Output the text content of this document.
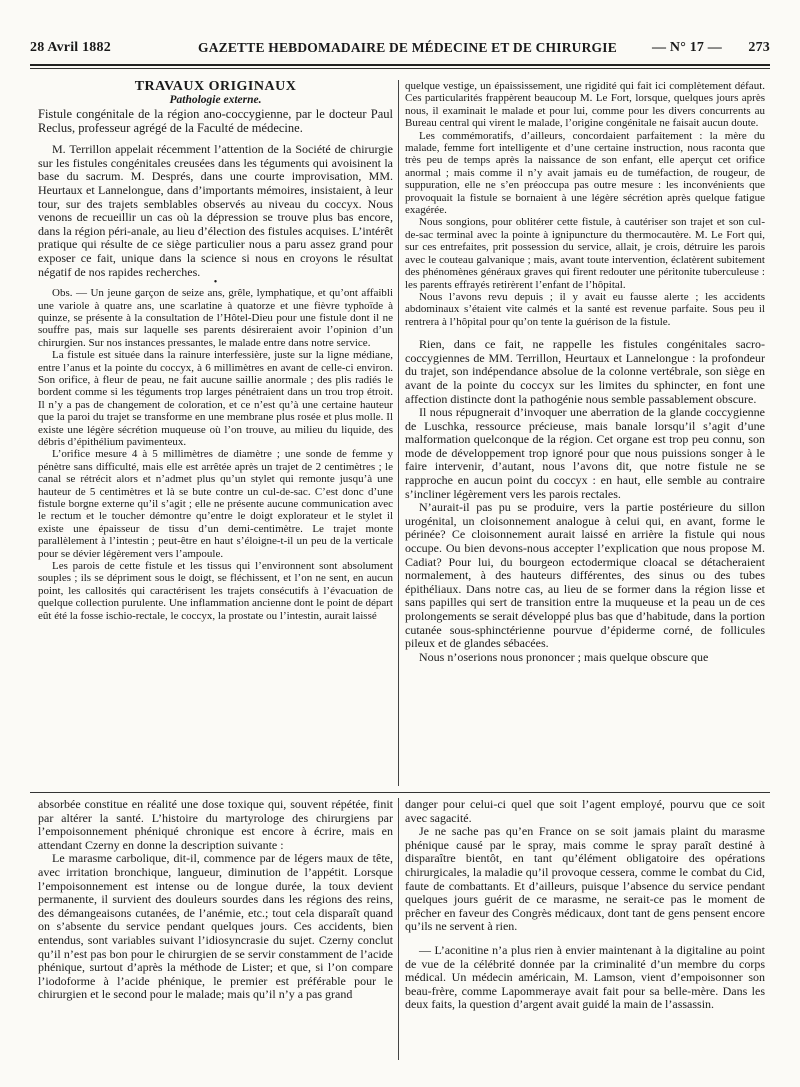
28 Avril 1882	GAZETTE HEBDOMADAIRE DE MÉDECINE ET DE CHIRURGIE	— N° 17 — 273

TRAVAUX ORIGINAUX

Pathologie externe.

Fistule congénitale de la région ano-coccygienne, par le docteur Paul Reclus, professeur agrégé de la Faculté de médecine.

M. Terrillon appelait récemment l’attention de la Société de chirurgie sur les fistules congénitales creusées dans les téguments qui avoisinent la base du sacrum. M. Després, dans une courte improvisation, MM. Heurtaux et Lannelongue, dans d’importants mémoires, insistaient, à leur tour, sur des trajets semblables observés au niveau du coccyx. Nous venons de recueillir un cas où la dépression se trouve plus bas encore, dans la région péri-anale, au lieu d’élection des fistules acquises. L’intérêt pratique qui résulte de ce siège particulier nous a paru assez grand pour exposer ce fait, unique dans la science si nous en croyons le résultat négatif de nos rapides recherches.

•

Obs. — Un jeune garçon de seize ans, grêle, lymphatique, et qu’ont affaibli une variole à quatre ans, une scarlatine à quatorze et une fièvre typhoïde à quinze, se présente à la consultation de l’Hôtel-Dieu pour une fistule dont il ne souffre pas, mais sur laquelle ses parents désireraient avoir l’opinion d’un chirurgien. Sur nos instances pressantes, le malade entre dans notre service.

La fistule est située dans la rainure interfessière, juste sur la ligne médiane, entre l’anus et la pointe du coccyx, à 6 millimètres en avant de celle-ci environ. Son orifice, à fleur de peau, ne fait aucune saillie anormale ; des plis radiés le bordent comme si les téguments trop larges pénétraient dans un trou trop étroit. Il n’y a pas de changement de coloration, et ce n’est qu’à une certaine hauteur que la paroi du trajet se transforme en une membrane plus rosée et plus molle. Il existe une légère sécrétion muqueuse où l’on trouve, au milieu du liquide, des débris d’épithélium pavimenteux.

L’orifice mesure 4 à 5 millimètres de diamètre ; une sonde de femme y pénètre sans difficulté, mais elle est arrêtée après un trajet de 2 centimètres ; le canal se rétrécit alors et n’admet plus qu’un stylet qui remonte jusqu’à une hauteur de 5 centimètres et là se bute contre un cul-de-sac. C’est donc d’une fistule borgne externe qu’il s’agit ; elle ne présente aucune communication avec le rectum et le toucher démontre qu’entre le doigt explorateur et le stylet il existe une épaisseur de tissu d’un demi-centimètre. Le trajet monte parallèlement à l’intestin ; peut-être en haut s’éloigne-t-il un peu de la verticale pour se dévier légèrement vers l’ampoule.

Les parois de cette fistule et les tissus qui l’environnent sont absolument souples ; ils se dépriment sous le doigt, se fléchissent, et l’on ne sent, en aucun point, les callosités qui caractérisent les trajets consécutifs à l’évacuation de quelque collection purulente. Une inflammation ancienne dont le point de départ eût été la fosse ischio-rectale, le coccyx, la prostate ou l’intestin, aurait laissé

quelque vestige, un épaississement, une rigidité qui fait ici complètement défaut. Ces particularités frappèrent beaucoup M. Le Fort, lorsque, quelques jours après nous, il examinait le malade et pour lui, comme pour les divers concurrents au Bureau central qui virent le malade, l’origine congénitale ne faisait aucun doute.

Les commémoratifs, d’ailleurs, concordaient parfaitement : la mère du malade, femme fort intelligente et d’une certaine instruction, nous raconta que très peu de temps après la naissance de son enfant, elle aperçut cet orifice anormal ; mais comme il n’y avait jamais eu de tuméfaction, de rougeur, de suppuration, elle ne s’en préoccupa pas outre mesure : les inconvénients que provoquait la fistule se bornaient à une légère sécrétion après quelque fatigue exagérée.

Nous songions, pour oblitérer cette fistule, à cautériser son trajet et son cul-de-sac terminal avec la pointe à ignipuncture du thermocautère. M. Le Fort qui, sur ces entrefaites, prit possession du service, allait, je crois, détruire les parois avec le couteau galvanique ; mais, avant toute intervention, éclatèrent subitement des phénomènes généraux graves qui firent redouter une péritonite tuberculeuse : les parents effrayés retirèrent l’enfant de l’hôpital.

Nous l’avons revu depuis ; il y avait eu fausse alerte ; les accidents abdominaux s’étaient vite calmés et la santé est revenue parfaite. Sous peu il rentrera à l’hôpital pour qu’on tente la guérison de la fistule.

Rien, dans ce fait, ne rappelle les fistules congénitales sacro-coccygiennes de MM. Terrillon, Heurtaux et Lannelongue : la profondeur du trajet, son indépendance absolue de la colonne vertébrale, son siège en avant de la pointe du coccyx sur les limites du sphincter, en font une affection distincte dont la pathogénie nous semble passablement obscure.

Il nous répugnerait d’invoquer une aberration de la glande coccygienne de Luschka, ressource précieuse, mais banale lorsqu’il s’agit d’une malformation quelconque de la région. Cet organe est trop peu connu, son mode de développement trop ignoré pour que nous puissions songer à le faire intervenir, d’autant, nous l’avons dit, que notre fistule ne se rapproche en aucun point du coccyx : en haut, elle semble au contraire s’incliner légèrement vers les parois rectales.

N’aurait-il pas pu se produire, vers la partie postérieure du sillon urogénital, un cloisonnement analogue à celui qui, en avant, forme le périnée? Ce cloisonnement aurait laissé en arrière la fistule qui nous occupe. Ou bien devons-nous accepter l’explication que nous propose M. Cadiat? Pour lui, du bourgeon ectodermique cloacal se détacheraient normalement, à des hauteurs différentes, des sinus ou des tubes épithéliaux. Dans notre cas, au lieu de se former dans la région lisse et sans papilles qui sert de transition entre la muqueuse et la peau un de ces prolongements se serait développé plus bas que d’habitude, dans la portion cutanée sous-sphinctérienne pourvue d’épiderme corné, de follicules pileux et de glandes sébacées.

Nous n’oserions nous prononcer ; mais quelque obscure que

absorbée constitue en réalité une dose toxique qui, souvent répétée, finit par altérer la santé. L’histoire du martyrologe des chirurgiens par l’empoisonnement phéniqué chronique est encore à écrire, mais en attendant Czerny en donne la description suivante :

Le marasme carbolique, dit-il, commence par de légers maux de tête, avec irritation bronchique, langueur, diminution de l’appétit. Lorsque l’empoisonnement est intense ou de longue durée, la toux devient permanente, il survient des douleurs sourdes dans les régions des reins, des démangeaisons cutanées, de l’anémie, etc.; tout cela disparaît quand on s’absente du service pendant quelques jours. Ces accidents, bien entendus, sont variables suivant l’idiosyncrasie du sujet. Czerny conclut qu’il n’est pas bon pour le chirurgien de se servir constamment de l’acide phénique, surtout d’après la méthode de Lister; et que, si l’on compare l’iodoforme à l’acide phénique, le premier est préférable pour le chirurgien et le second pour le malade; mais qu’il n’y a pas grand

danger pour celui-ci quel que soit l’agent employé, pourvu que ce soit avec sagacité.

Je ne sache pas qu’en France on se soit jamais plaint du marasme phénique causé par le spray, mais comme le spray paraît destiné à disparaître bientôt, en tant qu’élément obligatoire des opérations chirurgicales, la maladie qu’il provoque cessera, comme le combat du Cid, faute de combattants. Et d’ailleurs, puisque l’absence du service pendant quelques jours guérit de ce marasme, ne serait-ce pas le moment de prêcher en faveur des Congrès médicaux, dont tant de gens pensent encore qu’ils ne servent à rien.

— L’aconitine n’a plus rien à envier maintenant à la digitaline au point de vue de la célébrité donnée par la criminalité d’un membre du corps médical. Un médecin américain, M. Lamson, vient d’empoisonner son beau-frère, comme Lapommeraye avait fait pour sa belle-mère. Dans les deux faits, la question d’argent avait guidé la main de l’assassin.
